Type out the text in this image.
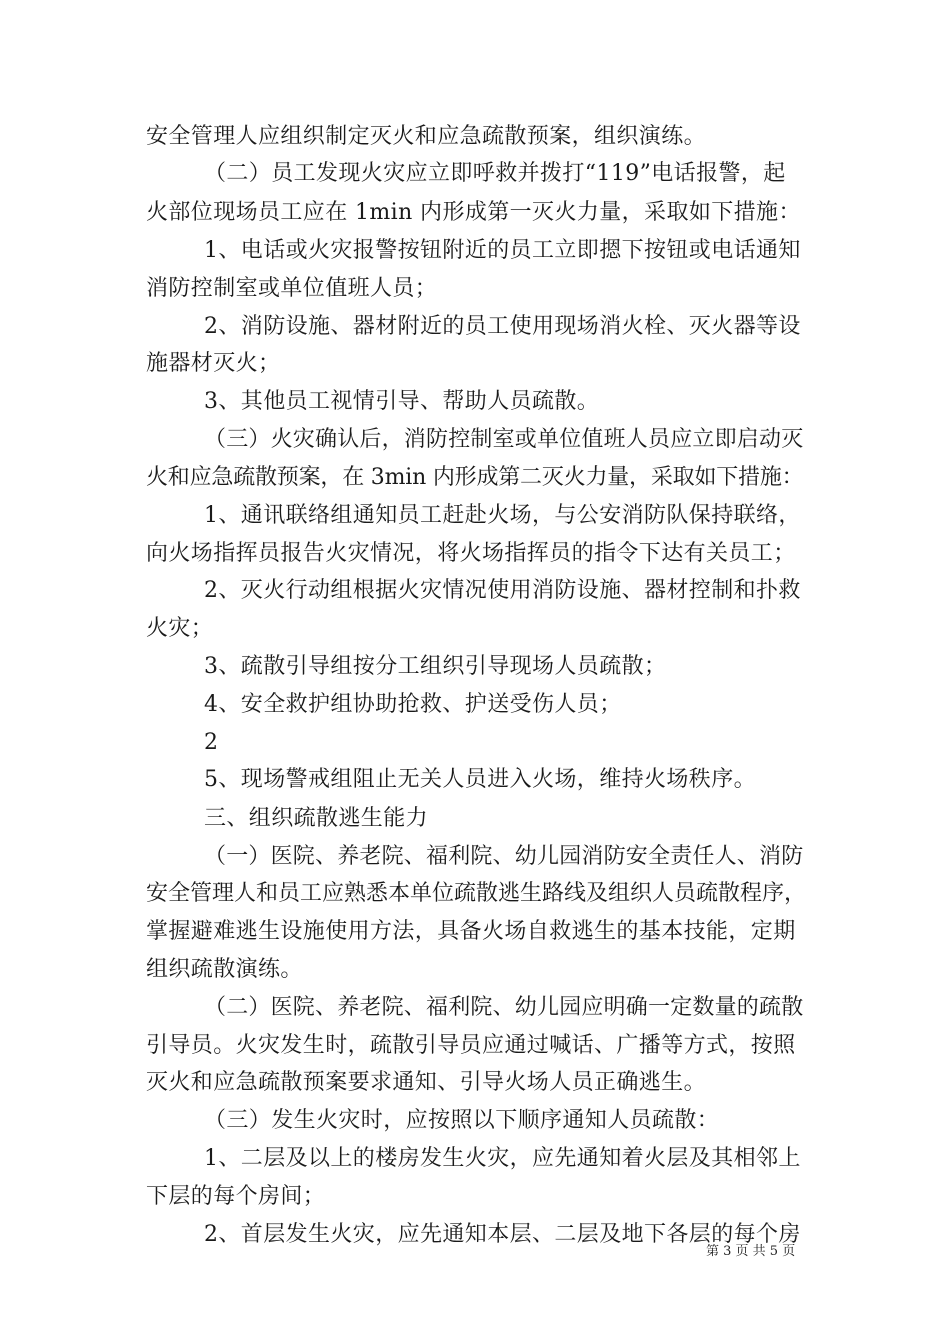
安全管理人应组织制定灭火和应急疏散预案，组织演练。
（二）员工发现火灾应立即呼救并拨打“119”电话报警，起
火部位现场员工应在 1min 内形成第一灭火力量，采取如下措施：
1、电话或火灾报警按钮附近的员工立即摁下按钮或电话通知
消防控制室或单位值班人员；
2、消防设施、器材附近的员工使用现场消火栓、灭火器等设
施器材灭火；
3、其他员工视情引导、帮助人员疏散。
（三）火灾确认后，消防控制室或单位值班人员应立即启动灭
火和应急疏散预案，在 3min 内形成第二灭火力量，采取如下措施：
1、通讯联络组通知员工赶赴火场，与公安消防队保持联络，
向火场指挥员报告火灾情况，将火场指挥员的指令下达有关员工；
2、灭火行动组根据火灾情况使用消防设施、器材控制和扑救
火灾；
3、疏散引导组按分工组织引导现场人员疏散；
4、安全救护组协助抢救、护送受伤人员；
2
5、现场警戒组阻止无关人员进入火场，维持火场秩序。
三、组织疏散逃生能力
（一）医院、养老院、福利院、幼儿园消防安全责任人、消防
安全管理人和员工应熟悉本单位疏散逃生路线及组织人员疏散程序，
掌握避难逃生设施使用方法，具备火场自救逃生的基本技能，定期
组织疏散演练。
（二）医院、养老院、福利院、幼儿园应明确一定数量的疏散
引导员。火灾发生时，疏散引导员应通过喊话、广播等方式，按照
灭火和应急疏散预案要求通知、引导火场人员正确逃生。
（三）发生火灾时，应按照以下顺序通知人员疏散：
1、二层及以上的楼房发生火灾，应先通知着火层及其相邻上
下层的每个房间；
2、首层发生火灾，应先通知本层、二层及地下各层的每个房
第 3 页 共 5 页
